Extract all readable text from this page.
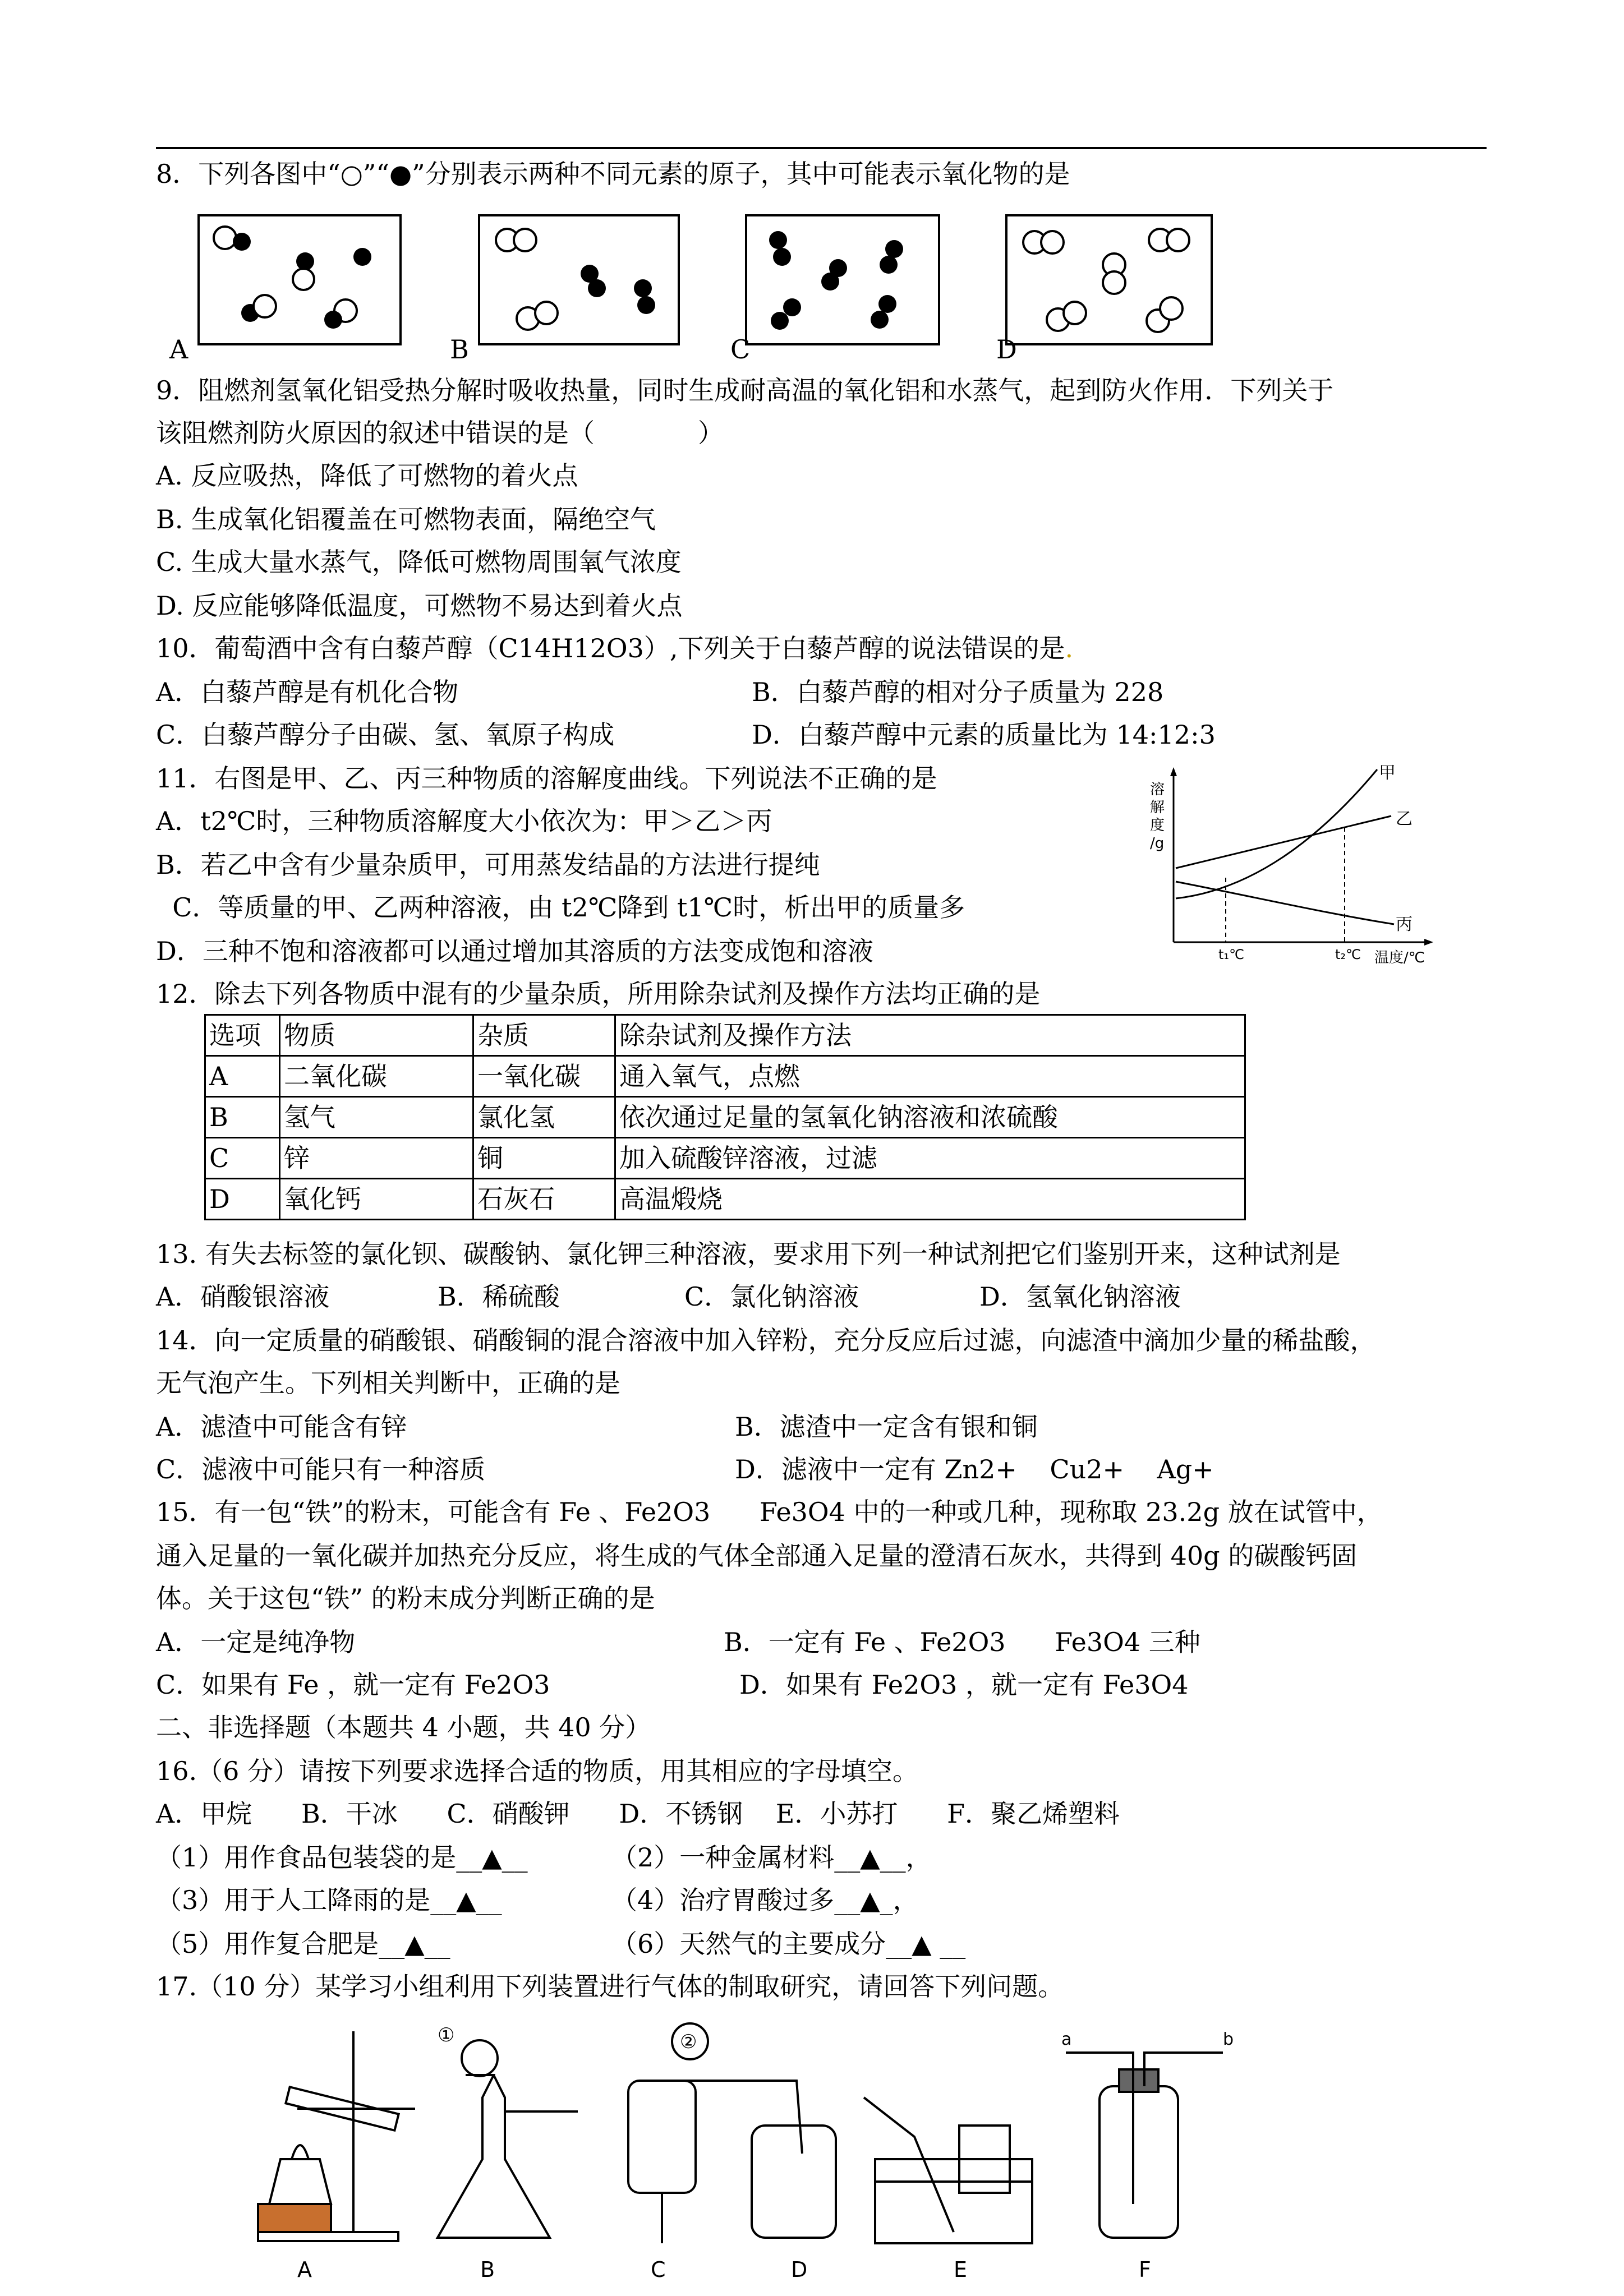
8．下列各图中“○”“●”分别表示两种不同元素的原子，其中可能表示氧化物的是
A	B	C	D
9．阻燃剂氢氧化铝受热分解时吸收热量，同时生成耐高温的氧化铝和水蒸气，起到防火作用．下列关于
该阻燃剂防火原因的叙述中错误的是（　　　　）
A. 反应吸热，降低了可燃物的着火点
B. 生成氧化铝覆盖在可燃物表面，隔绝空气
C. 生成大量水蒸气，降低可燃物周围氧气浓度
D. 反应能够降低温度，可燃物不易达到着火点
10．葡萄酒中含有白藜芦醇（C14H12O3）,下列关于白藜芦醇的说法错误的是.
A．白藜芦醇是有机化合物	B．白藜芦醇的相对分子质量为 228
C．白藜芦醇分子由碳、氢、氧原子构成	D．白藜芦醇中元素的质量比为 14:12:3
11．右图是甲、乙、丙三种物质的溶解度曲线。下列说法不正确的是
A．t2℃时，三种物质溶解度大小依次为：甲＞乙＞丙
B．若乙中含有少量杂质甲，可用蒸发结晶的方法进行提纯
C．等质量的甲、乙两种溶液，由 t2℃降到 t1℃时，析出甲的质量多
D．三种不饱和溶液都可以通过增加其溶质的方法变成饱和溶液
溶解度/g
甲
乙
丙
t₁℃	t₂℃ 温度/℃
12．除去下列各物质中混有的少量杂质，所用除杂试剂及操作方法均正确的是
选项	物质	杂质	除杂试剂及操作方法
A	二氧化碳	一氧化碳	通入氧气，点燃
B	氢气	氯化氢	依次通过足量的氢氧化钠溶液和浓硫酸
C	锌	铜	加入硫酸锌溶液，过滤
D	氧化钙	石灰石	高温煅烧
13. 有失去标签的氯化钡、碳酸钠、氯化钾三种溶液，要求用下列一种试剂把它们鉴别开来，这种试剂是
A．硝酸银溶液	B．稀硫酸	C．氯化钠溶液	D．氢氧化钠溶液
14．向一定质量的硝酸银、硝酸铜的混合溶液中加入锌粉，充分反应后过滤，向滤渣中滴加少量的稀盐酸，
无气泡产生。下列相关判断中，正确的是
A．滤渣中可能含有锌	B．滤渣中一定含有银和铜
C．滤液中可能只有一种溶质	D．滤液中一定有 Zn2+    Cu2+    Ag+
15．有一包“铁”的粉末，可能含有 Fe 、Fe2O3      Fe3O4 中的一种或几种，现称取 23.2g 放在试管中，
通入足量的一氧化碳并加热充分反应，将生成的气体全部通入足量的澄清石灰水，共得到 40g 的碳酸钙固
体。关于这包“铁” 的粉末成分判断正确的是
A．一定是纯净物	B．一定有 Fe 、Fe2O3      Fe3O4 三种
C．如果有 Fe ，就一定有 Fe2O3	D．如果有 Fe2O3 ，就一定有 Fe3O4
二、非选择题（本题共 4 小题，共 40 分）
16.（6 分）请按下列要求选择合适的物质，用其相应的字母填空。
A．甲烷      B．干冰      C．硝酸钾      D．不锈钢    E．小苏打      F．聚乙烯塑料
（1）用作食品包装袋的是__▲__	（2）一种金属材料__▲__，
（3）用于人工降雨的是__▲__	（4）治疗胃酸过多__▲_，
（5）用作复合肥是__▲__	（6）天然气的主要成分__▲ __
17.（10 分）某学习小组利用下列装置进行气体的制取研究，请回答下列问题。
①	②	a	b
A	B	C	D	E	F
